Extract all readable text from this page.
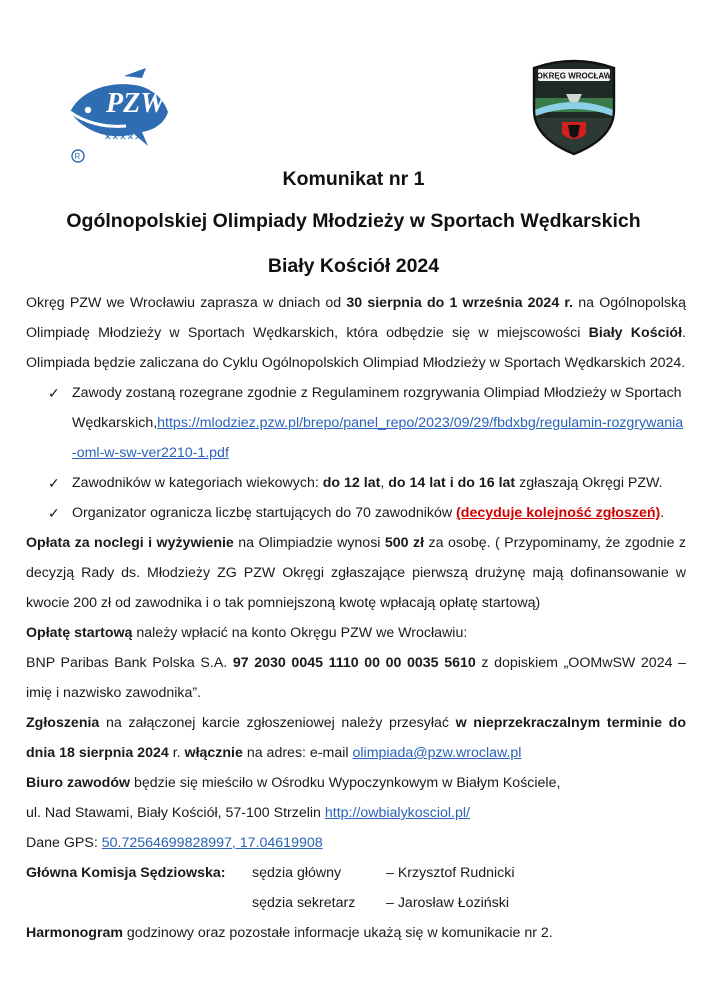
PZW
✕✕✕✕✕
R
OKRĘG WROCŁAW
Komunikat nr 1
Ogólnopolskiej Olimpiady Młodzieży w Sportach Wędkarskich
Biały Kościół 2024

Okręg PZW we Wrocławiu zaprasza w dniach od 30 sierpnia do 1 września 2024 r. na Ogólnopolską Olimpiadę Młodzieży w Sportach Wędkarskich, która odbędzie się w miejscowości Biały Kościół. Olimpiada będzie zaliczana do Cyklu Ogólnopolskich Olimpiad Młodzieży w Sportach Wędkarskich 2024.

✓ Zawody zostaną rozegrane zgodnie z Regulaminem rozgrywania Olimpiad Młodzieży w Sportach Wędkarskich,https://mlodziez.pzw.pl/brepo/panel_repo/2023/09/29/fbdxbg/regulamin-rozgrywania-oml-w-sw-ver2210-1.pdf
✓ Zawodników w kategoriach wiekowych: do 12 lat, do 14 lat i do 16 lat zgłaszają Okręgi PZW.
✓ Organizator ogranicza liczbę startujących do 70 zawodników (decyduje kolejność zgłoszeń).

Opłata za noclegi i wyżywienie na Olimpiadzie wynosi 500 zł za osobę. ( Przypominamy, że zgodnie z decyzją Rady ds. Młodzieży ZG PZW Okręgi zgłaszające pierwszą drużynę mają dofinansowanie w kwocie 200 zł od zawodnika i o tak pomniejszoną kwotę wpłacają opłatę startową)

Opłatę startową należy wpłacić na konto Okręgu PZW we Wrocławiu:
BNP Paribas Bank Polska S.A. 97 2030 0045 1110 00 00 0035 5610 z dopiskiem „OOMwSW 2024 – imię i nazwisko zawodnika”.

Zgłoszenia na załączonej karcie zgłoszeniowej należy przesyłać w nieprzekraczalnym terminie do dnia 18 sierpnia 2024 r. włącznie na adres: e-mail olimpiada@pzw.wroclaw.pl

Biuro zawodów będzie się mieściło w Ośrodku Wypoczynkowym w Białym Kościele,
ul. Nad Stawami, Biały Kościół, 57-100 Strzelin http://owbialykosciol.pl/

Dane GPS: 50.72564699828997, 17.04619908

Główna Komisja Sędziowska: sędzia główny	– Krzysztof Rudnicki
sędzia sekretarz – Jarosław Łoziński

Harmonogram godzinowy oraz pozostałe informacje ukażą się w komunikacie nr 2.
